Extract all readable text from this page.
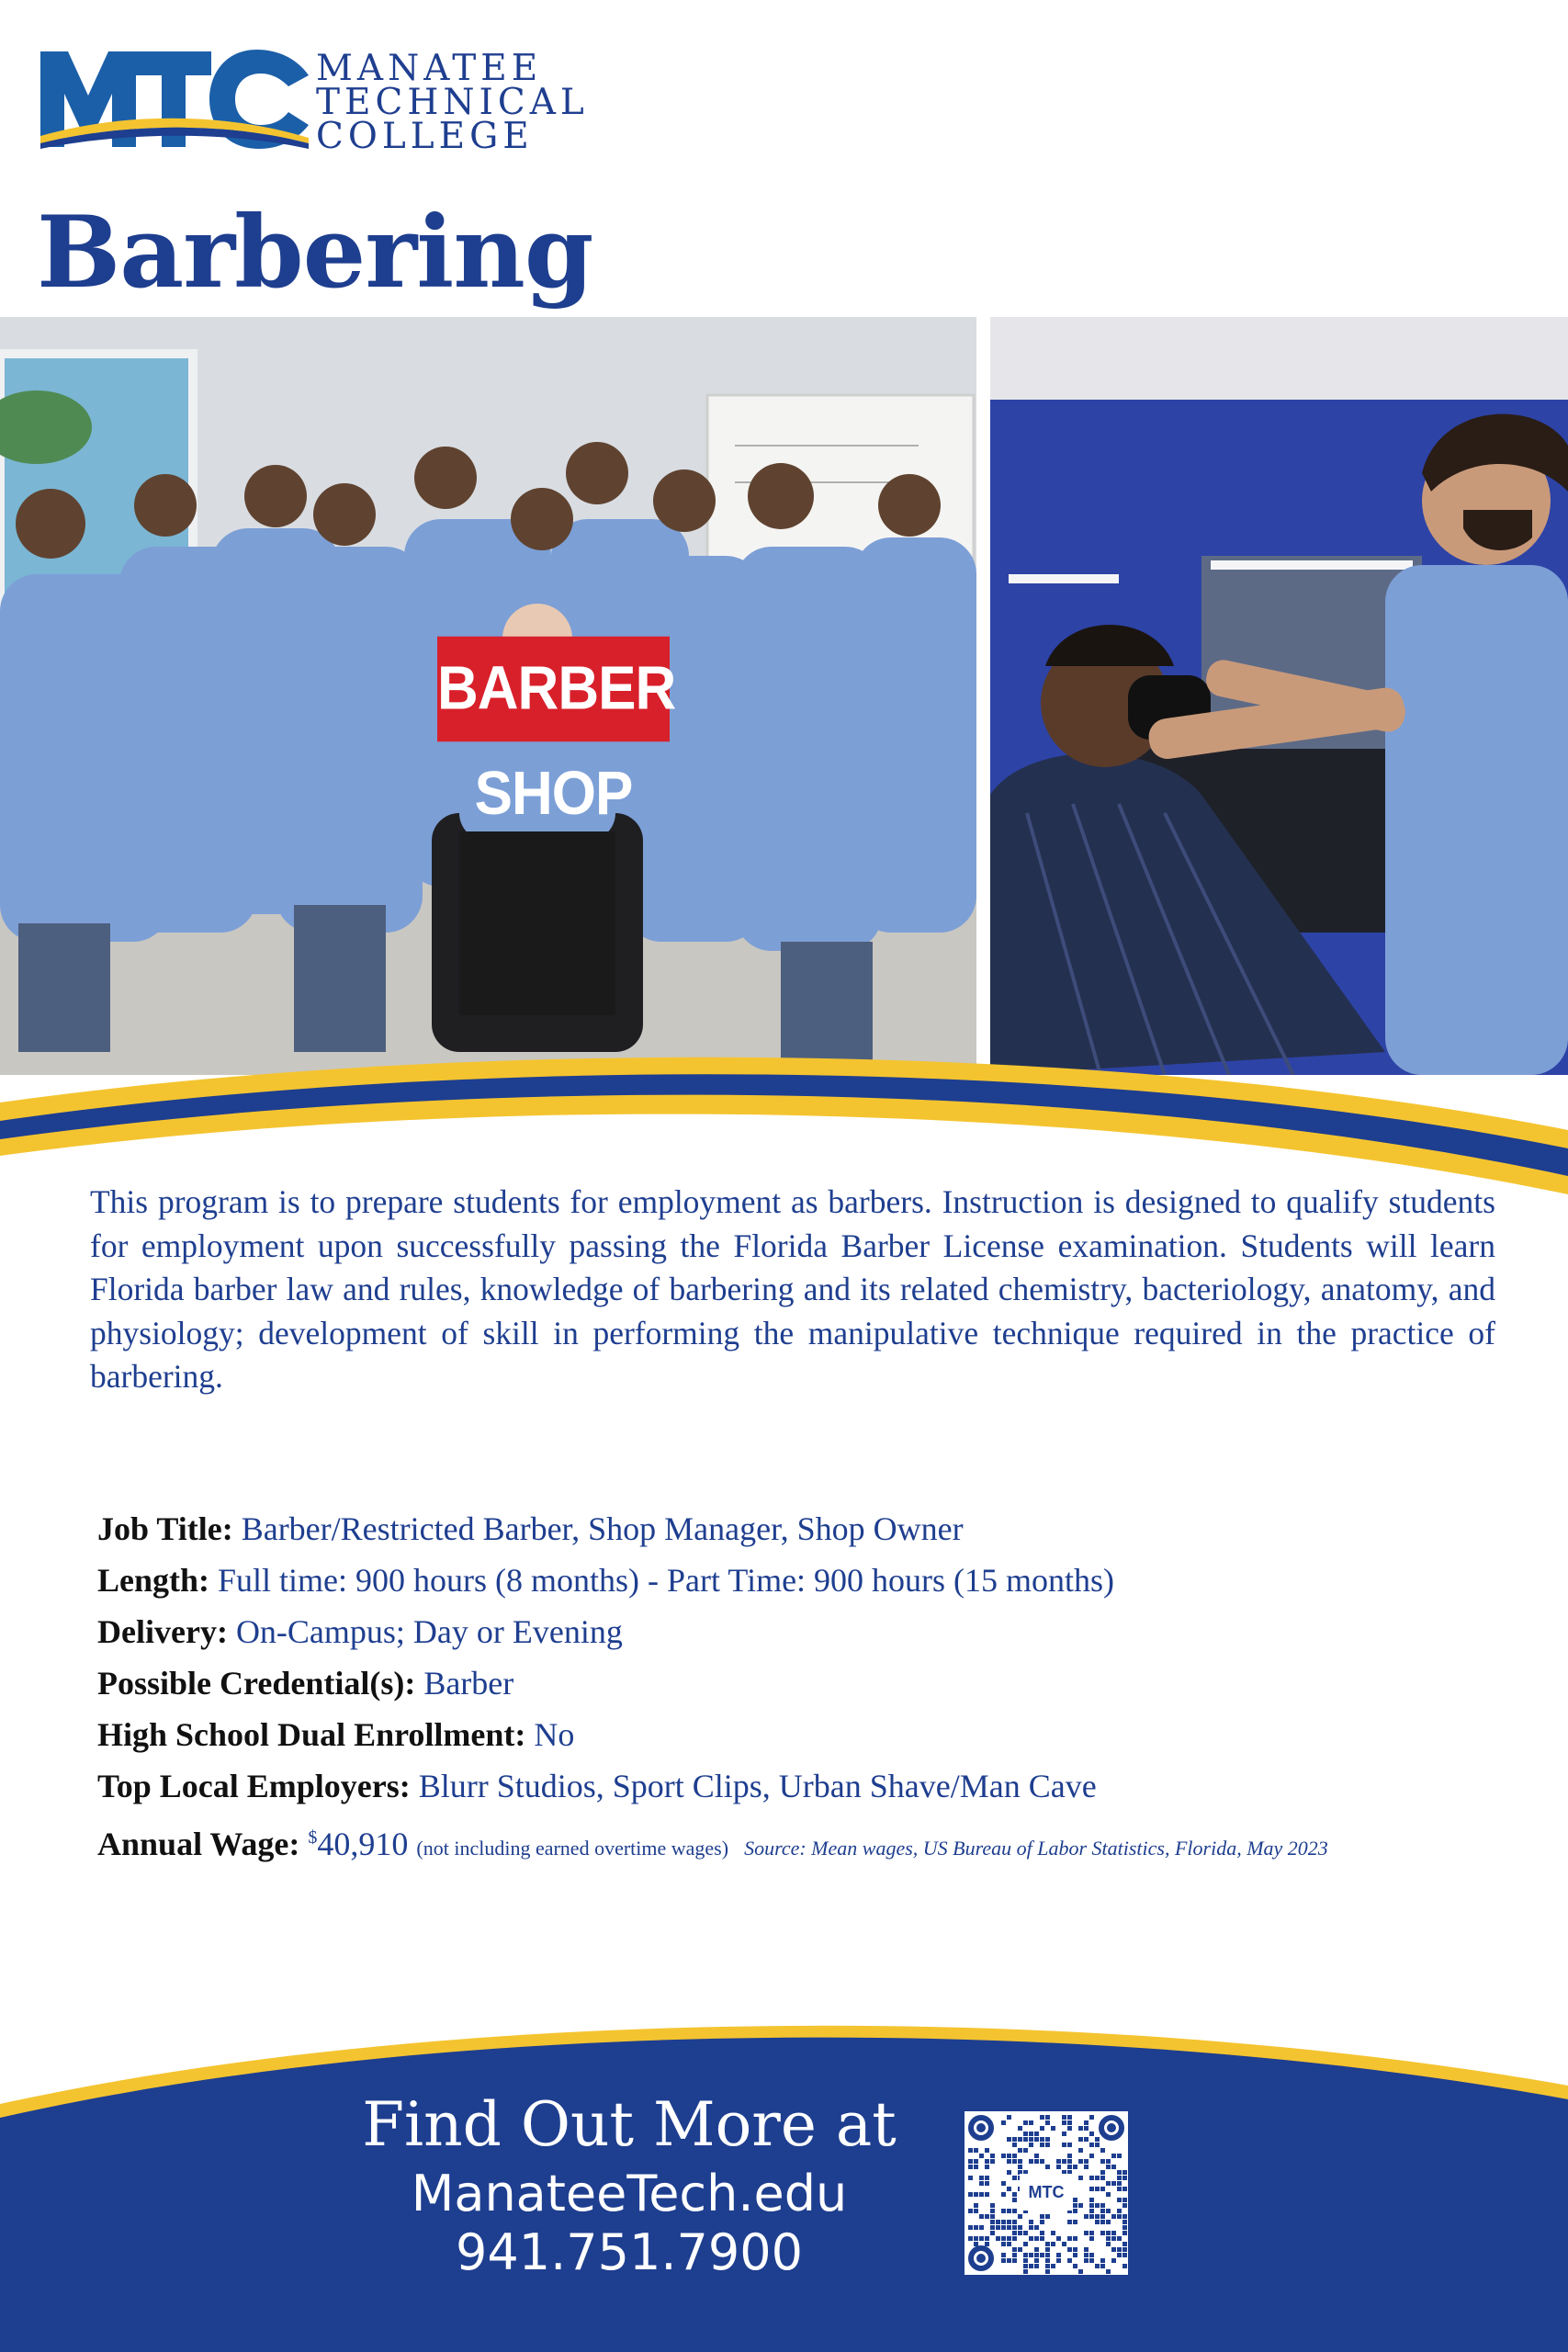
MANATEE
TECHNICAL
COLLEGE
Barbering
BARBER SHOP

This program is to prepare students for employment as barbers. Instruction is designed to qualify students for employment upon successfully passing the Florida Barber License examination. Students will learn Florida barber law and rules, knowledge of barbering and its related chemistry, bacteriology, anatomy, and physiology; development of skill in performing the manipulative technique required in the practice of barbering.

Job Title: Barber/Restricted Barber, Shop Manager, Shop Owner
Length: Full time: 900 hours (8 months) - Part Time: 900 hours (15 months)
Delivery: On-Campus; Day or Evening
Possible Credential(s): Barber
High School Dual Enrollment: No
Top Local Employers: Blurr Studios, Sport Clips, Urban Shave/Man Cave
Annual Wage: $40,910 (not including earned overtime wages) Source: Mean wages, US Bureau of Labor Statistics, Florida, May 2023
Find Out More at
ManateeTech.edu
941.751.7900
MTC
